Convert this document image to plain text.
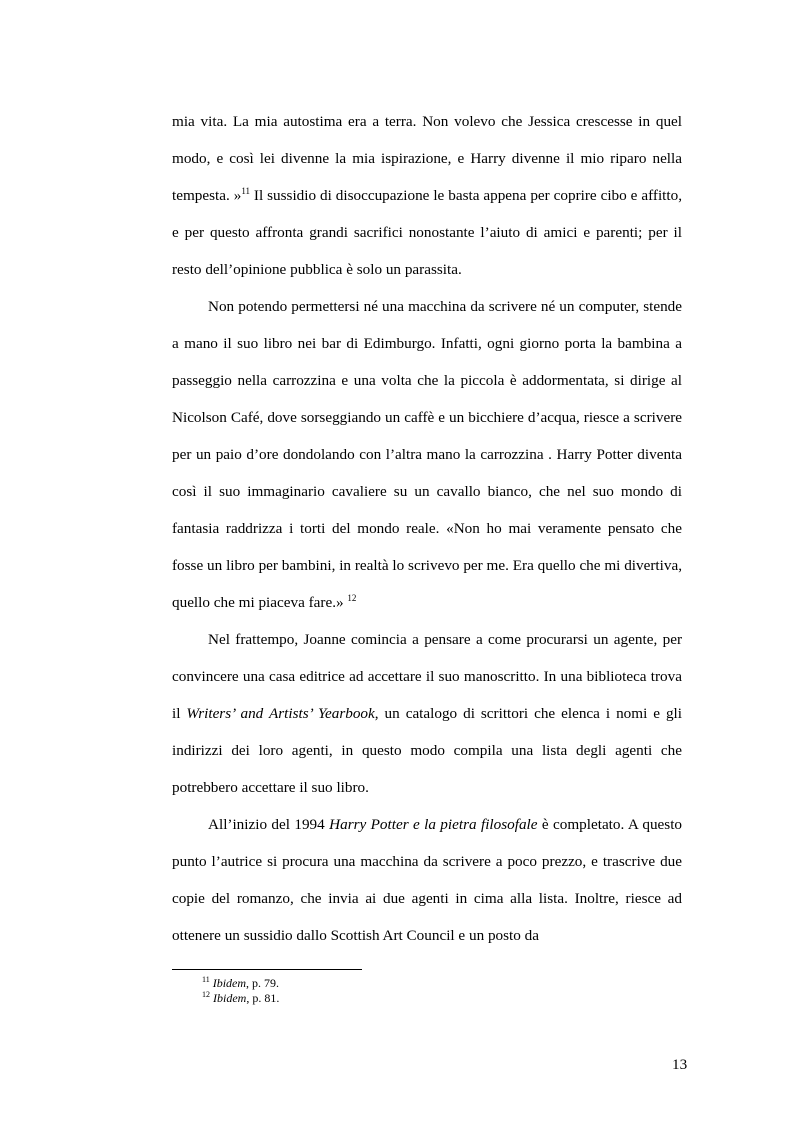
mia vita. La mia autostima era a terra. Non volevo che Jessica crescesse in quel modo, e così lei divenne la mia ispirazione, e Harry divenne il mio riparo nella tempesta. »$^{11}$ Il sussidio di disoccupazione le basta appena per coprire cibo e affitto, e per questo affronta grandi sacrifici nonostante l’aiuto di amici e parenti; per il resto dell’opinione pubblica è solo un parassita.

Non potendo permettersi né una macchina da scrivere né un computer, stende a mano il suo libro nei bar di Edimburgo. Infatti, ogni giorno porta la bambina a passeggio nella carrozzina e una volta che la piccola è addormentata, si dirige al Nicolson Café, dove sorseggiando un caffè e un bicchiere d’acqua, riesce a scrivere per un paio d’ore dondolando con l’altra mano la carrozzina . Harry Potter diventa così il suo immaginario cavaliere su un cavallo bianco, che nel suo mondo di fantasia raddrizza i torti del mondo reale. «Non ho mai veramente pensato che fosse un libro per bambini, in realtà lo scrivevo per me. Era quello che mi divertiva, quello che mi piaceva fare.» $^{12}$

Nel frattempo, Joanne comincia a pensare a come procurarsi un agente, per convincere una casa editrice ad accettare il suo manoscritto. In una biblioteca trova il Writers’ and Artists’ Yearbook, un catalogo di scrittori che elenca i nomi e gli indirizzi dei loro agenti, in questo modo compila una lista degli agenti che potrebbero accettare il suo libro.

All’inizio del 1994 Harry Potter e la pietra filosofale è completato. A questo punto l’autrice si procura una macchina da scrivere a poco prezzo, e trascrive due copie del romanzo, che invia ai due agenti in cima alla lista. Inoltre, riesce ad ottenere un sussidio dallo Scottish Art Council e un posto da

$^{11}$ Ibidem, p. 79.
$^{12}$ Ibidem, p. 81.
13
